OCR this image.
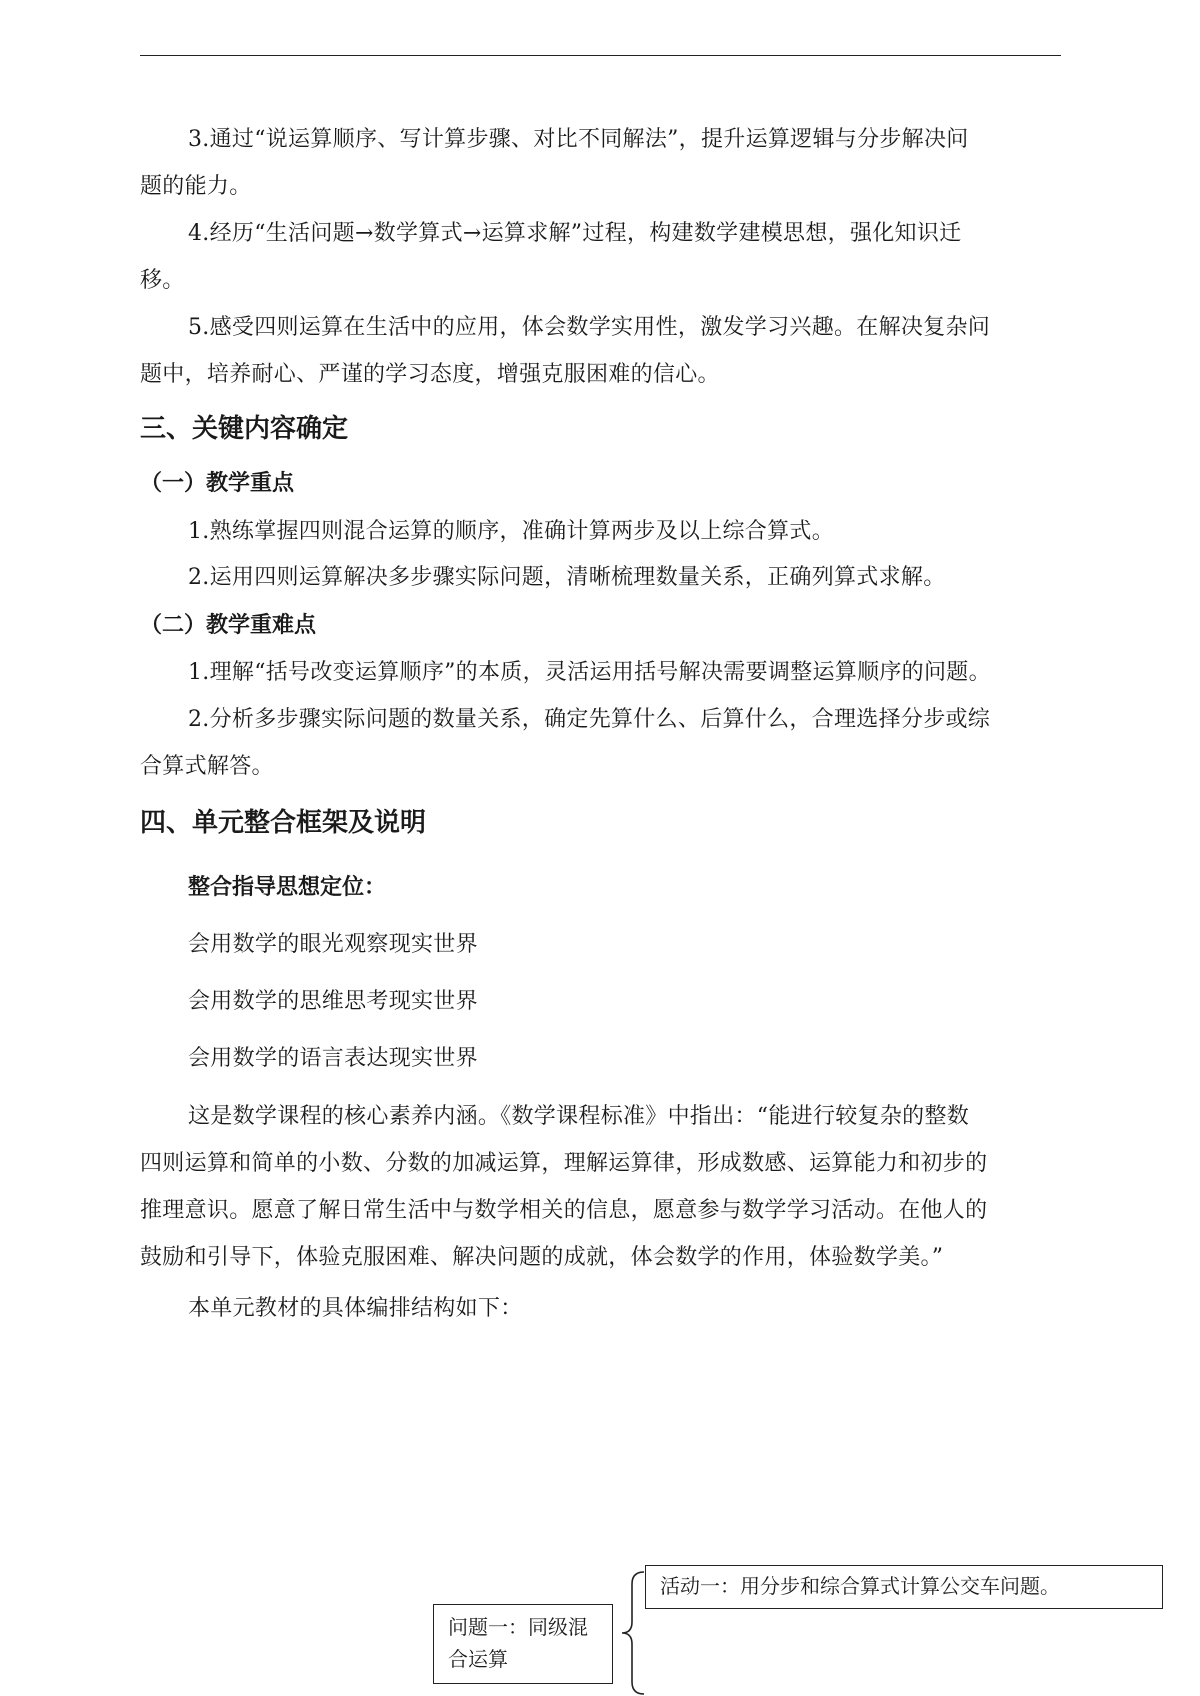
3.通过“说运算顺序、写计算步骤、对比不同解法”，提升运算逻辑与分步解决问
题的能力。
4.经历“生活问题→数学算式→运算求解”过程，构建数学建模思想，强化知识迁
移。
5.感受四则运算在生活中的应用，体会数学实用性，激发学习兴趣。在解决复杂问
题中，培养耐心、严谨的学习态度，增强克服困难的信心。
三、关键内容确定
（一）教学重点
1.熟练掌握四则混合运算的顺序，准确计算两步及以上综合算式。
2.运用四则运算解决多步骤实际问题，清晰梳理数量关系，正确列算式求解。
（二）教学重难点
1.理解“括号改变运算顺序”的本质，灵活运用括号解决需要调整运算顺序的问题。
2.分析多步骤实际问题的数量关系，确定先算什么、后算什么，合理选择分步或综
合算式解答。
四、单元整合框架及说明
整合指导思想定位：
会用数学的眼光观察现实世界
会用数学的思维思考现实世界
会用数学的语言表达现实世界
这是数学课程的核心素养内涵。《数学课程标准》中指出：“能进行较复杂的整数
四则运算和简单的小数、分数的加减运算，理解运算律，形成数感、运算能力和初步的
推理意识。愿意了解日常生活中与数学相关的信息，愿意参与数学学习活动。在他人的
鼓励和引导下，体验克服困难、解决问题的成就，体会数学的作用，体验数学美。”
本单元教材的具体编排结构如下：
问题一：同级混
合运算
活动一：用分步和综合算式计算公交车问题。
